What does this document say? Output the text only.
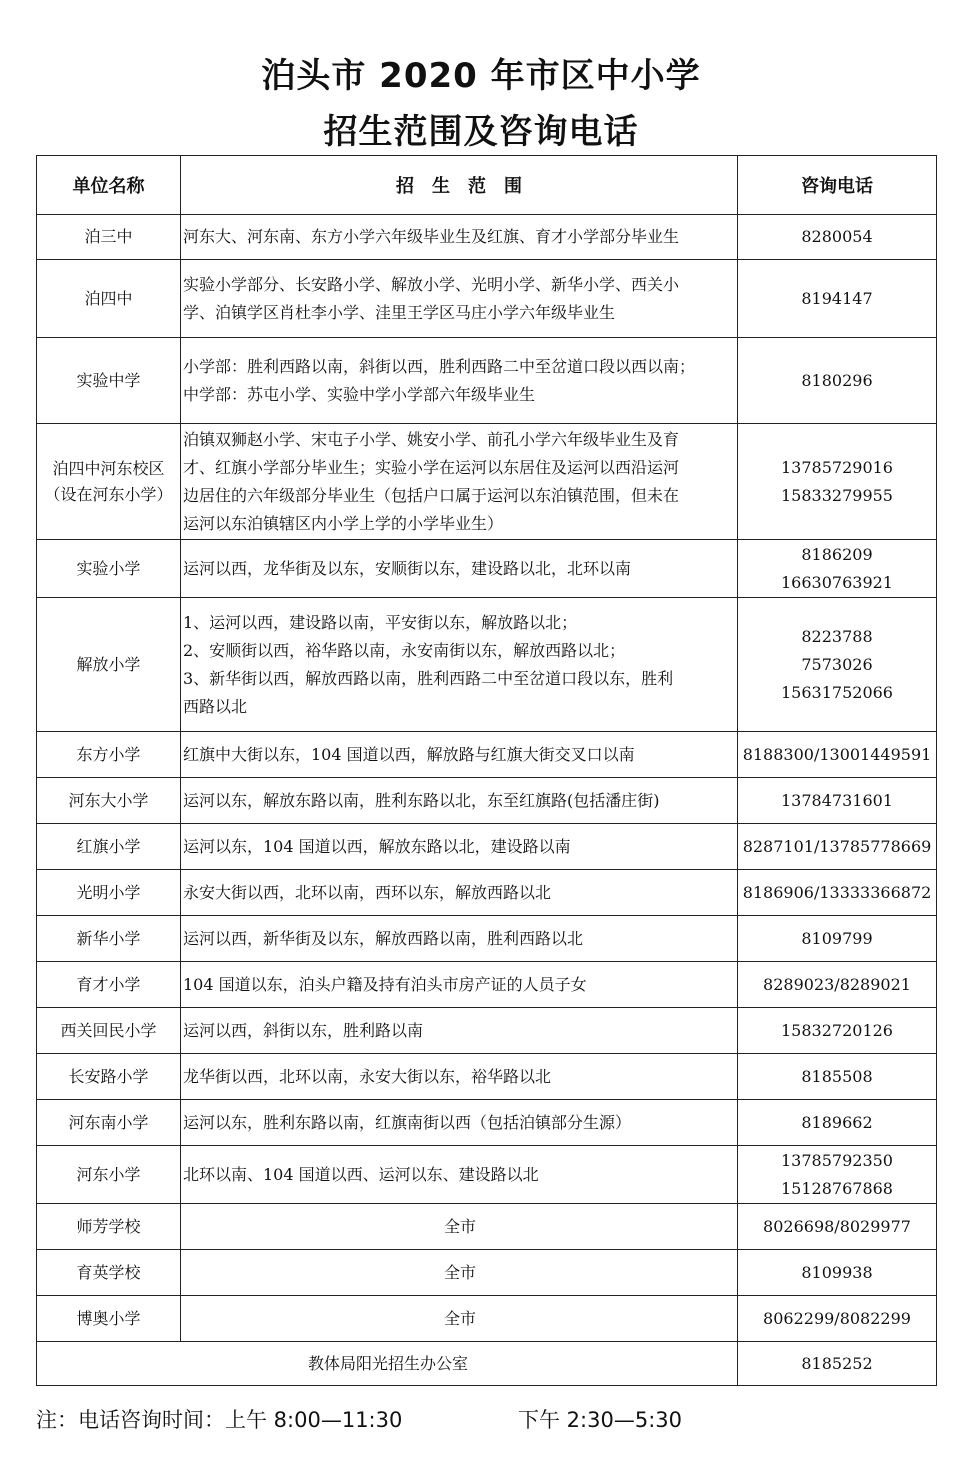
泊头市 2020 年市区中小学
招生范围及咨询电话
单位名称	招　生　范　围	咨询电话

泊三中	河东大、河东南、东方小学六年级毕业生及红旗、育才小学部分毕业生	8280054

泊四中	实验小学部分、长安路小学、解放小学、光明小学、新华小学、西关小
学、泊镇学区肖杜李小学、洼里王学区马庄小学六年级毕业生	8194147

实验中学	小学部：胜利西路以南，斜街以西，胜利西路二中至岔道口段以西以南；
中学部：苏屯小学、实验中学小学部六年级毕业生	8180296

泊四中河东校区
（设在河东小学）	泊镇双狮赵小学、宋屯子小学、姚安小学、前孔小学六年级毕业生及育
才、红旗小学部分毕业生；实验小学在运河以东居住及运河以西沿运河
边居住的六年级部分毕业生（包括户口属于运河以东泊镇范围，但未在
运河以东泊镇辖区内小学上学的小学毕业生）	13785729016
15833279955

实验小学	运河以西，龙华街及以东，安顺街以东，建设路以北，北环以南	8186209
16630763921

解放小学	1、运河以西，建设路以南，平安街以东，解放路以北；
2、安顺街以西，裕华路以南，永安南街以东，解放西路以北；
3、新华街以西，解放西路以南，胜利西路二中至岔道口段以东，胜利
西路以北	8223788
7573026
15631752066

东方小学	红旗中大街以东，104 国道以西，解放路与红旗大街交叉口以南	8188300/13001449591

河东大小学	运河以东，解放东路以南，胜利东路以北，东至红旗路(包括潘庄街)	13784731601

红旗小学	运河以东，104 国道以西，解放东路以北，建设路以南	8287101/13785778669

光明小学	永安大街以西，北环以南，西环以东，解放西路以北	8186906/13333366872

新华小学	运河以西，新华街及以东，解放西路以南，胜利西路以北	8109799

育才小学	104 国道以东，泊头户籍及持有泊头市房产证的人员子女	8289023/8289021

西关回民小学	运河以西，斜街以东，胜利路以南	15832720126

长安路小学	龙华街以西，北环以南，永安大街以东，裕华路以北	8185508

河东南小学	运河以东，胜利东路以南，红旗南街以西（包括泊镇部分生源）	8189662

河东小学	北环以南、104 国道以西、运河以东、建设路以北	13785792350
15128767868

师芳学校	全市	8026698/8029977

育英学校	全市	8109938

博奥小学	全市	8062299/8082299

教体局阳光招生办公室		8185252
注：电话咨询时间：上午 8:00—11:30	下午 2:30—5:30
